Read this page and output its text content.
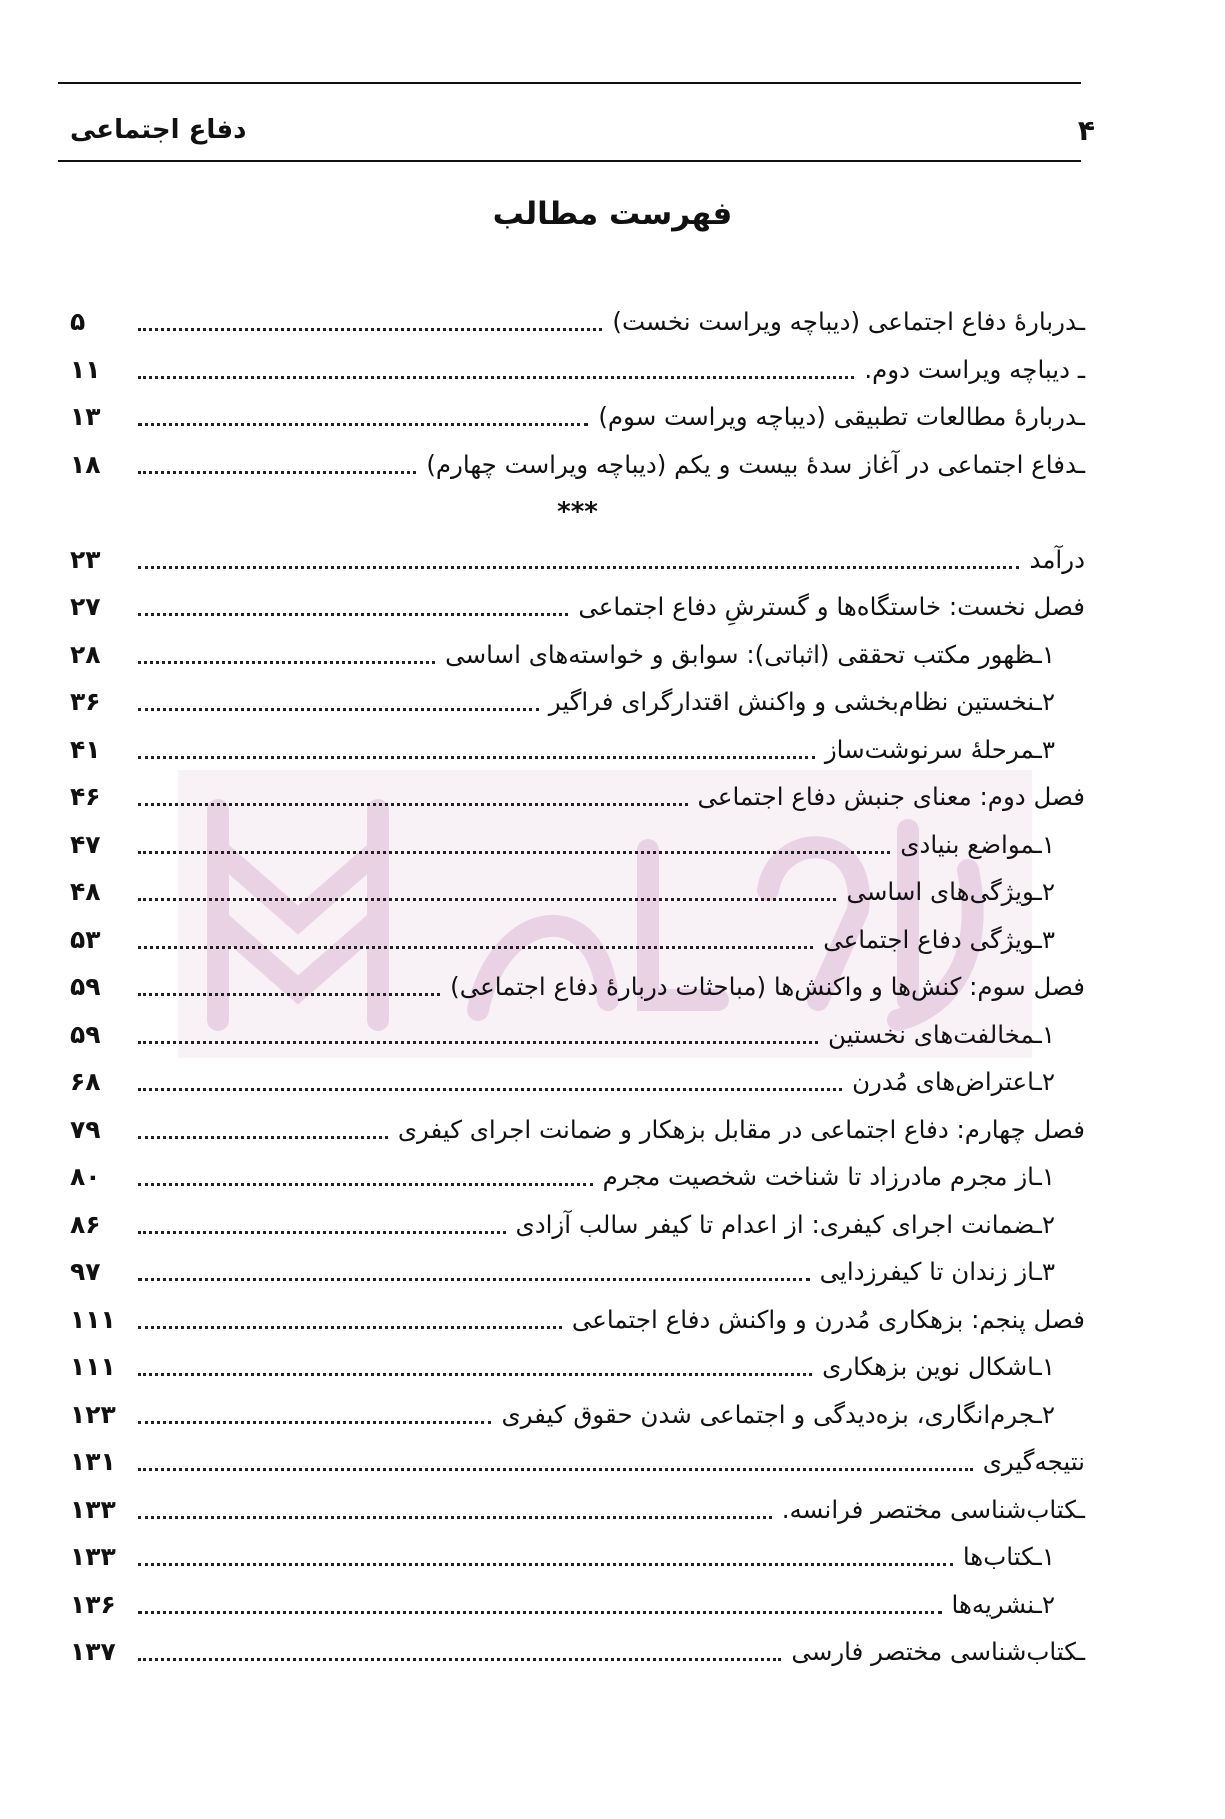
دفاع اجتماعی	۴
فهرست مطالب
ـدربارهٔ دفاع اجتماعی (دیباچه ویراست نخست)
۵
ـ دیباچه ویراست دوم.
۱۱
ـدربارهٔ مطالعات تطبیقی (دیباچه ویراست سوم)
۱۳
ـدفاع اجتماعی در آغاز سدهٔ بیست و یکم (دیباچه ویراست چهارم)
۱۸
***
درآمد
۲۳
فصل نخست: خاستگاه‌ها و گسترشِ دفاع اجتماعی
۲۷
۱ـظهور مکتب تحققی (اثباتی): سوابق و خواسته‌های اساسی
۲۸
۲ـنخستین نظام‌بخشی و واکنش اقتدارگرای فراگیر
۳۶
۳ـمرحلهٔ سرنوشت‌ساز
۴۱
فصل دوم: معنای جنبش دفاع اجتماعی
۴۶
۱ـمواضع بنیادی
۴۷
۲ـویژگی‌های اساسی
۴۸
۳ـویژگی دفاع اجتماعی
۵۳
فصل سوم: کنش‌ها و واکنش‌ها (مباحثات دربارهٔ دفاع اجتماعی)
۵۹
۱ـمخالفت‌های نخستین
۵۹
۲ـاعتراض‌های مُدرن
۶۸
فصل چهارم: دفاع اجتماعی در مقابل بزهکار و ضمانت اجرای کیفری
۷۹
۱ـاز مجرم مادرزاد تا شناخت شخصیت مجرم
۸۰
۲ـضمانت اجرای کیفری: از اعدام تا کیفر سالب آزادی
۸۶
۳ـاز زندان تا کیفرزدایی
۹۷
فصل پنجم: بزهکاری مُدرن و واکنش دفاع اجتماعی
۱۱۱
۱ـاشکال نوین بزهکاری
۱۱۱
۲ـجرم‌انگاری، بزه‌دیدگی و اجتماعی شدن حقوق کیفری
۱۲۳
نتیجه‌گیری
۱۳۱
ـکتاب‌شناسی مختصر فرانسه.
۱۳۳
۱ـکتاب‌ها
۱۳۳
۲ـنشریه‌ها
۱۳۶
ـکتاب‌شناسی مختصر فارسی
۱۳۷
